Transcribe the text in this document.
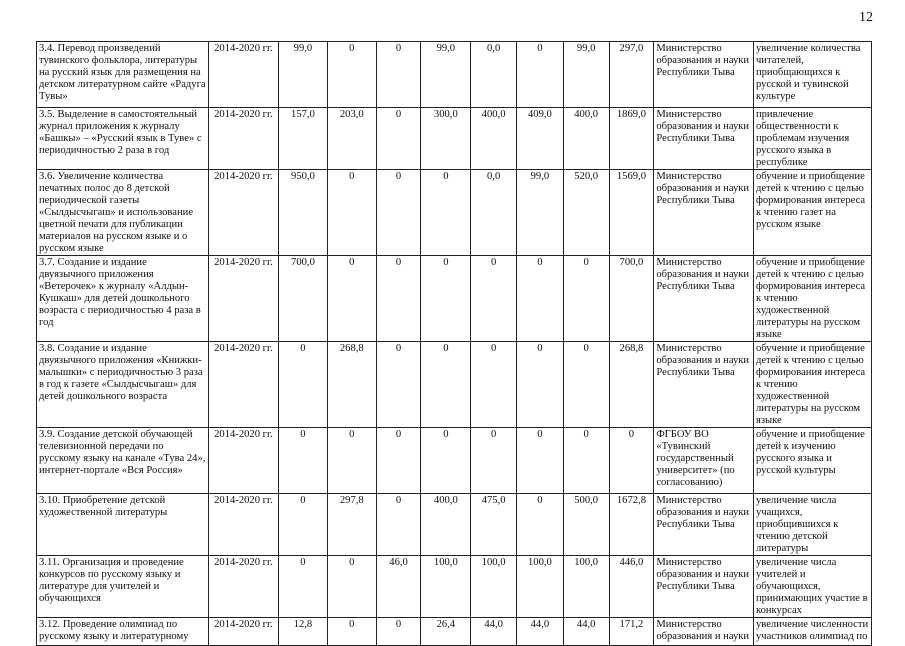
12
3.4. Перевод произведений тувинского фольклора, литературы на русский язык для размещения на детском литературном сайте «Радуга Тувы»	2014-2020 гг.	99,0	0	0	99,0	0,0	0	99,0	297,0	Министерство образования и науки Республики Тыва	увеличение количества читателей, приобщающихся к русской и тувинской культуре
3.5. Выделение в самостоятельный журнал приложения к журналу «Башкы» – «Русский язык в Туве» с периодичностью 2 раза в год	2014-2020 гг.	157,0	203,0	0	300,0	400,0	409,0	400,0	1869,0	Министерство образования и науки Республики Тыва	привлечение общественности к проблемам изучения русского языка в республике
3.6. Увеличение количества печатных полос до 8 детской периодической газеты «Сылдысчыгаш» и использование цветной печати для публикации материалов на русском языке и о русском языке	2014-2020 гг.	950,0	0	0	0	0,0	99,0	520,0	1569,0	Министерство образования и науки Республики Тыва	обучение и приобщение детей к чтению с целью формирования интереса к чтению газет на русском языке
3.7. Создание и издание двуязычного приложения «Ветерочек» к журналу «Алдын-Кушкаш» для детей дошкольного возраста с периодичностью 4 раза в год	2014-2020 гг.	700,0	0	0	0	0	0	0	700,0	Министерство образования и науки Республики Тыва	обучение и приобщение детей к чтению с целью формирования интереса к чтению художественной литературы на русском языке
3.8. Создание и издание двуязычного приложения «Книжки-малышки» с периодичностью 3 раза в год к газете «Сылдысчыгаш» для детей дошкольного возраста	2014-2020 гг.	0	268,8	0	0	0	0	0	268,8	Министерство образования и науки Республики Тыва	обучение и приобщение детей к чтению с целью формирования интереса к чтению художественной литературы на русском языке
3.9. Создание детской обучающей телевизионной передачи по русскому языку на канале «Тува 24», интернет-портале «Вся Россия»	2014-2020 гг.	0	0	0	0	0	0	0	0	ФГБОУ ВО «Тувинский государственный университет» (по согласованию)	обучение и приобщение детей к изучению русского языка и русской культуры
3.10. Приобретение детской художественной литературы	2014-2020 гг.	0	297,8	0	400,0	475,0	0	500,0	1672,8	Министерство образования и науки Республики Тыва	увеличение числа учащихся, приобщившихся к чтению детской литературы
3.11. Организация и проведение конкурсов по русскому языку и литературе для учителей и обучающихся	2014-2020 гг.	0	0	46,0	100,0	100,0	100,0	100,0	446,0	Министерство образования и науки Республики Тыва	увеличение числа учителей и обучающихся, принимающих участие в конкурсах
3.12. Проведение олимпиад по русскому языку и литературному	2014-2020 гг.	12,8	0	0	26,4	44,0	44,0	44,0	171,2	Министерство образования и науки	увеличение численности участников олимпиад по
